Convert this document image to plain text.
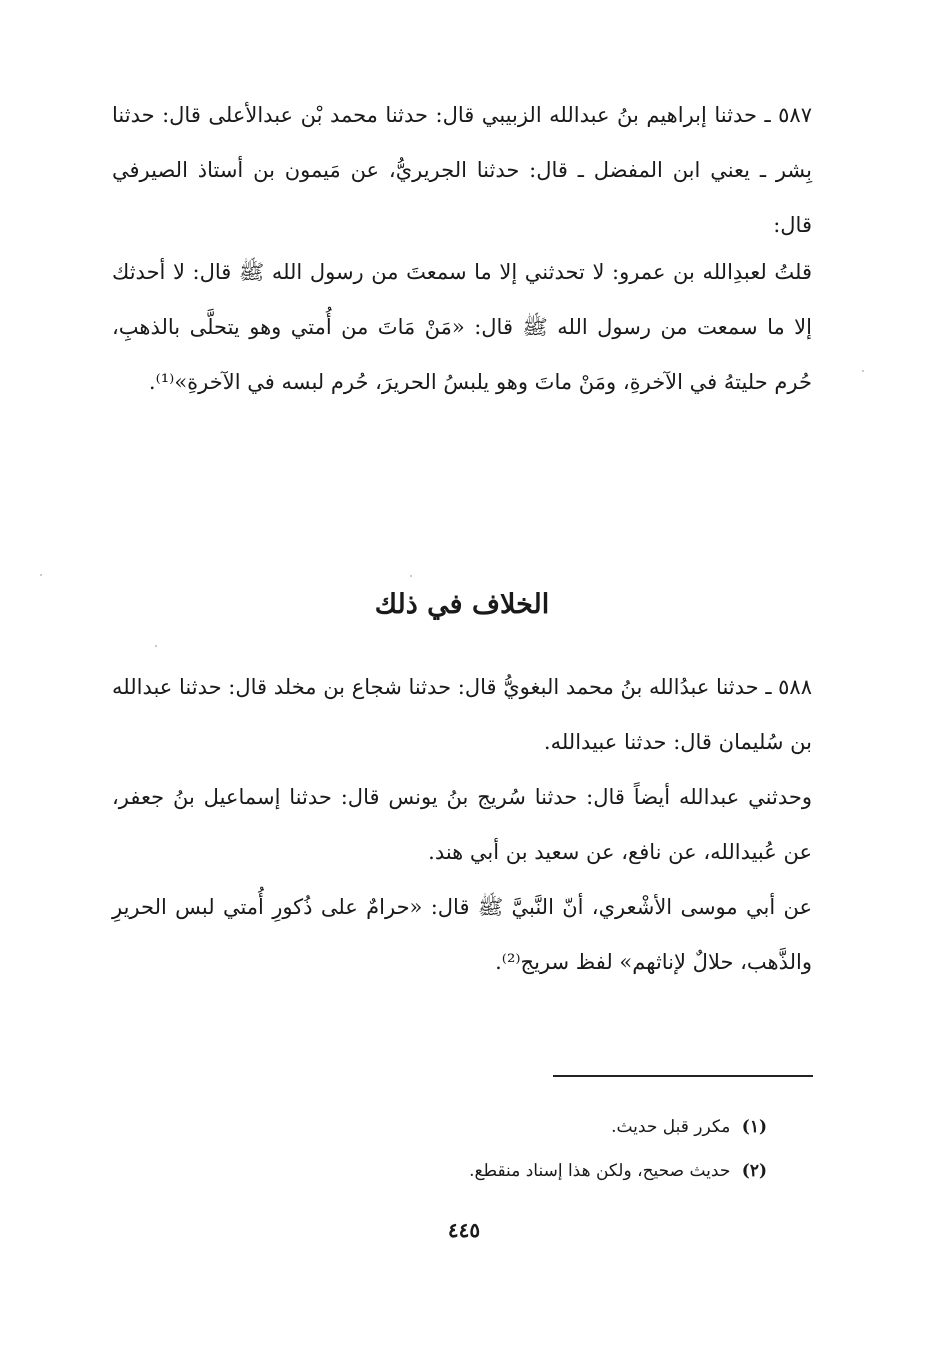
٥٨٧ ـ حدثنا إبراهيم بنُ عبدالله الزبيبي قال: حدثنا محمد بْن عبدالأعلى قال: حدثنا بِشر ـ يعني ابن المفضل ـ قال: حدثنا الجريريُّ، عن مَيمون بن أستاذ الصيرفي قال:

قلتُ لعبدِالله بن عمرو: لا تحدثني إلا ما سمعتَ من رسول الله ﷺ قال: لا أحدثك إلا ما سمعت من رسول الله ﷺ قال: «مَنْ مَاتَ من أُمتي وهو يتحلَّى بالذهبِ، حُرم حليتهُ في الآخرةِ، ومَنْ ماتَ وهو يلبسُ الحريرَ، حُرم لبسه في الآخرةِ»⁽¹⁾.

الخلاف في ذلك

٥٨٨ ـ حدثنا عبدُالله بنُ محمد البغويُّ قال: حدثنا شجاع بن مخلد قال: حدثنا عبدالله بن سُليمان قال: حدثنا عبيدالله.

وحدثني عبدالله أيضاً قال: حدثنا سُريج بنُ يونس قال: حدثنا إسماعيل بنُ جعفر، عن عُبيدالله، عن نافع، عن سعيد بن أبي هند.

عن أبي موسى الأشْعري، أنّ النَّبيَّ ﷺ قال: «حرامٌ على ذُكورِ أُمتي لبس الحريرِ والذَّهب، حلالٌ لإناثهم» لفظ سريج⁽²⁾.

(١) مكرر قبل حديث.
(٢) حديث صحيح، ولكن هذا إسناد منقطع.
٤٤٥
